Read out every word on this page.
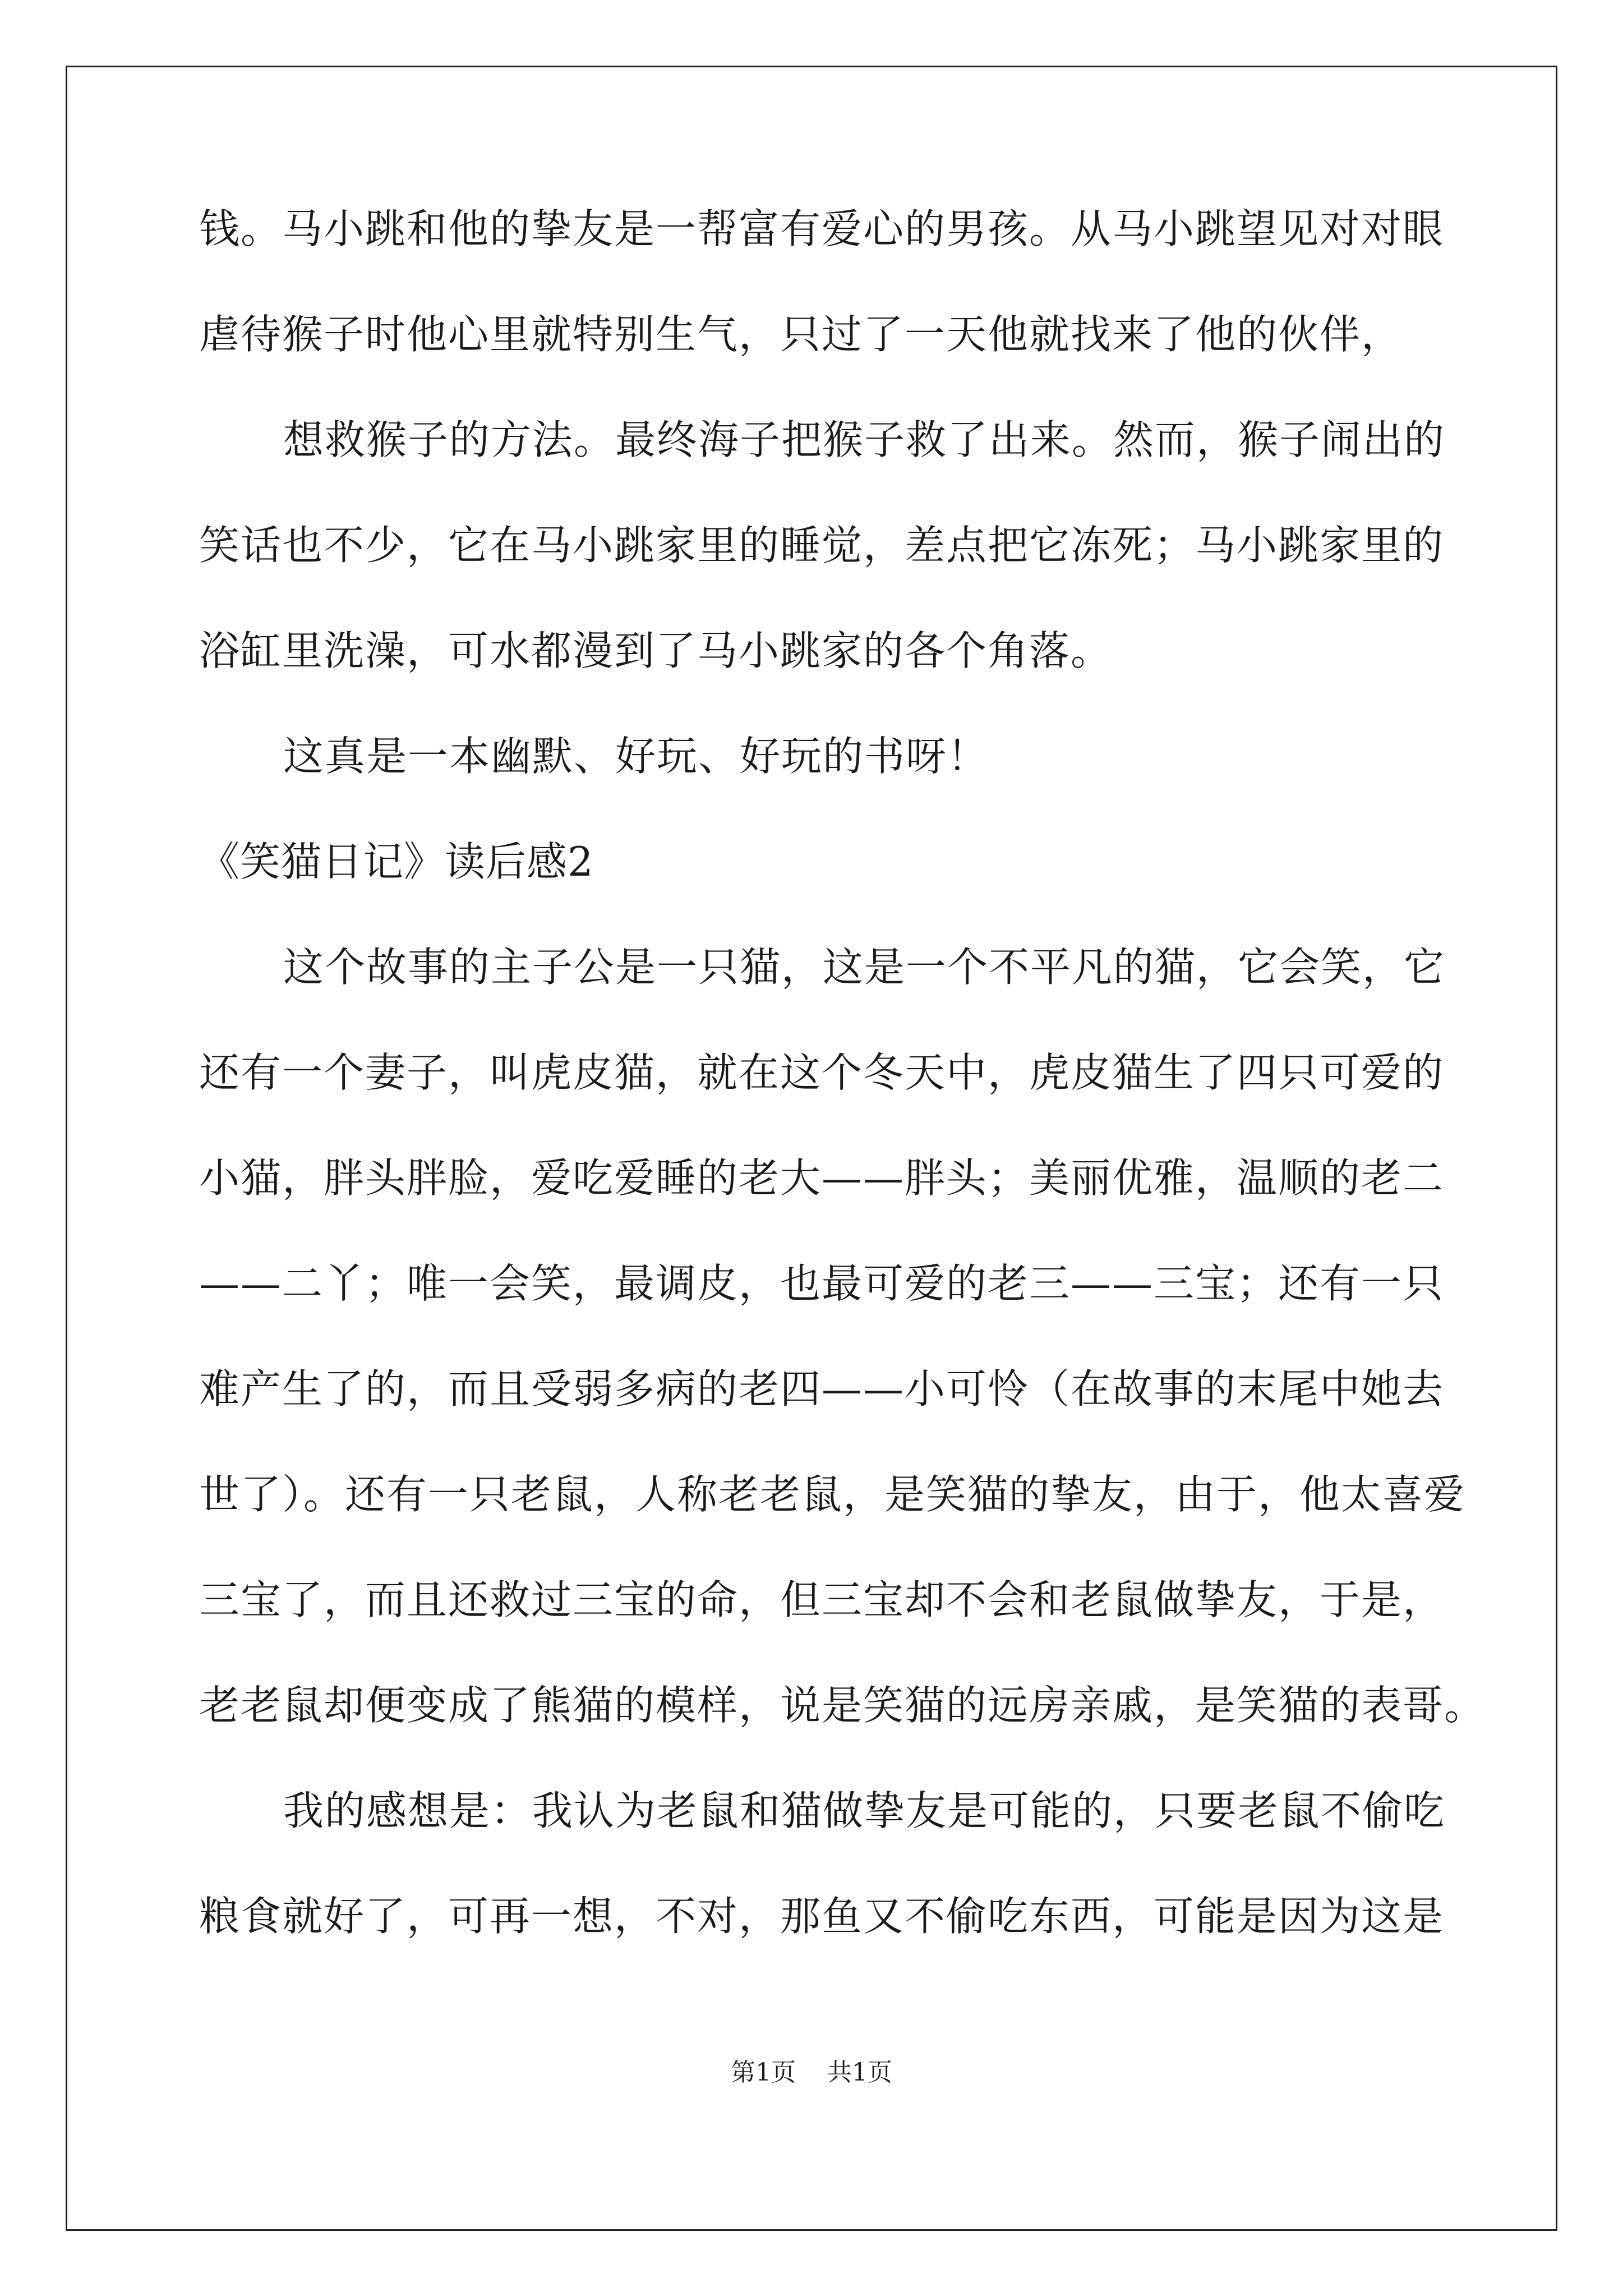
钱。马小跳和他的挚友是一帮富有爱心的男孩。从马小跳望见对对眼
虐待猴子时他心里就特别生气，只过了一天他就找来了他的伙伴，
想救猴子的方法。最终海子把猴子救了出来。然而，猴子闹出的
笑话也不少，它在马小跳家里的睡觉，差点把它冻死；马小跳家里的
浴缸里洗澡，可水都漫到了马小跳家的各个角落。
这真是一本幽默、好玩、好玩的书呀！
《笑猫日记》读后感2
这个故事的主子公是一只猫，这是一个不平凡的猫，它会笑，它
还有一个妻子，叫虎皮猫，就在这个冬天中，虎皮猫生了四只可爱的
小猫，胖头胖脸，爱吃爱睡的老大——胖头；美丽优雅，温顺的老二
——二丫；唯一会笑，最调皮，也最可爱的老三——三宝；还有一只
难产生了的，而且受弱多病的老四——小可怜（在故事的末尾中她去
世了）。还有一只老鼠，人称老老鼠，是笑猫的挚友，由于，他太喜爱
三宝了，而且还救过三宝的命，但三宝却不会和老鼠做挚友，于是，
老老鼠却便变成了熊猫的模样，说是笑猫的远房亲戚，是笑猫的表哥。
我的感想是：我认为老鼠和猫做挚友是可能的，只要老鼠不偷吃
粮食就好了，可再一想，不对，那鱼又不偷吃东西，可能是因为这是
第1页 共1页
